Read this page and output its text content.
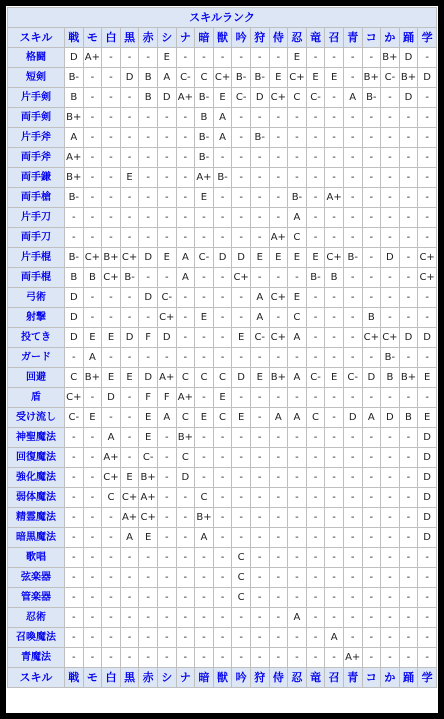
スキルランク																				
スキル	戦	モ	白	黒	赤	シ	ナ	暗	獣	吟	狩	侍	忍	竜	召	青	コ	か	踊	学
格闘	D	A+	-	-	-	E	-	-	-	-	-	-	E	-	-	-	-	B+	D	-
短剣	B-	-	-	D	B	A	C-	C	C+	B-	B-	E	C+	E	E	-	B+	C-	B+	D
片手剣	B	-	-	-	B	D	A+	B-	E	C-	D	C+	C	C-	-	A	B-	-	D	-
両手剣	B+	-	-	-	-	-	-	B	A	-	-	-	-	-	-	-	-	-	-	-
片手斧	A	-	-	-	-	-	-	B-	A	-	B-	-	-	-	-	-	-	-	-	-
両手斧	A+	-	-	-	-	-	-	B-	-	-	-	-	-	-	-	-	-	-	-	-
両手鎌	B+	-	-	E	-	-	-	A+	B-	-	-	-	-	-	-	-	-	-	-	-
両手槍	B-	-	-	-	-	-	-	E	-	-	-	-	B-	-	A+	-	-	-	-	-
片手刀	-	-	-	-	-	-	-	-	-	-	-	-	A	-	-	-	-	-	-	-
両手刀	-	-	-	-	-	-	-	-	-	-	-	A+	C	-	-	-	-	-	-	-
片手棍	B-	C+	B+	C+	D	E	A	C-	D	D	E	E	E	E	C+	B-	-	D	-	C+
両手棍	B	B	C+	B-	-	-	A	-	-	C+	-	-	-	B-	B	-	-	-	-	C+
弓術	D	-	-	-	D	C-	-	-	-	-	A	C+	E	-	-	-	-	-	-	-
射撃	D	-	-	-	-	C+	-	E	-	-	A	-	C	-	-	-	B	-	-	-
投てき	D	E	E	D	F	D	-	-	-	E	C-	C+	A	-	-	-	C+	C+	D	D
ガード	-	A	-	-	-	-	-	-	-	-	-	-	-	-	-	-	-	B-	-	-
回避	C	B+	E	E	D	A+	C	C	C	D	E	B+	A	C-	E	C-	D	B	B+	E
盾	C+	-	D	-	F	F	A+	-	E	-	-	-	-	-	-	-	-	-	-	-
受け流し	C-	E	-	-	E	A	C	E	C	E	-	A	A	C	-	D	A	D	B	E
神聖魔法	-	-	A	-	E	-	B+	-	-	-	-	-	-	-	-	-	-	-	-	D
回復魔法	-	-	A+	-	C-	-	C	-	-	-	-	-	-	-	-	-	-	-	-	D
強化魔法	-	-	C+	E	B+	-	D	-	-	-	-	-	-	-	-	-	-	-	-	D
弱体魔法	-	-	C	C+	A+	-	-	C	-	-	-	-	-	-	-	-	-	-	-	D
精霊魔法	-	-	-	A+	C+	-	-	B+	-	-	-	-	-	-	-	-	-	-	-	D
暗黒魔法	-	-	-	A	E	-	-	A	-	-	-	-	-	-	-	-	-	-	-	D
歌唱	-	-	-	-	-	-	-	-	-	C	-	-	-	-	-	-	-	-	-	-
弦楽器	-	-	-	-	-	-	-	-	-	C	-	-	-	-	-	-	-	-	-	-
管楽器	-	-	-	-	-	-	-	-	-	C	-	-	-	-	-	-	-	-	-	-
忍術	-	-	-	-	-	-	-	-	-	-	-	-	A	-	-	-	-	-	-	-
召喚魔法	-	-	-	-	-	-	-	-	-	-	-	-	-	-	A	-	-	-	-	-
青魔法	-	-	-	-	-	-	-	-	-	-	-	-	-	-	-	A+	-	-	-	-
スキル	戦	モ	白	黒	赤	シ	ナ	暗	獣	吟	狩	侍	忍	竜	召	青	コ	か	踊	学
